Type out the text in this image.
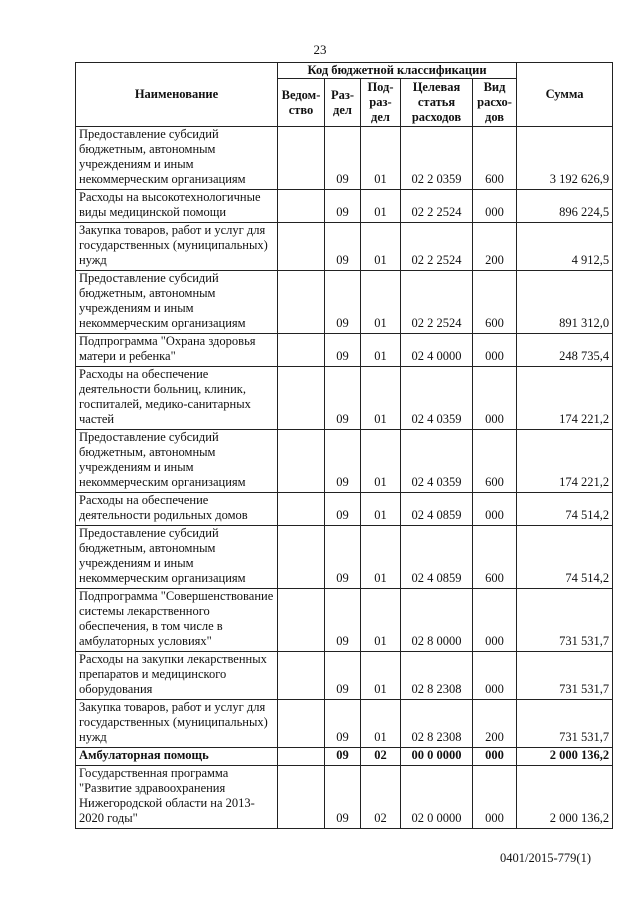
23
Наименование	Код бюджетной классификации					Сумма
	Ведом-ство	Раз-дел	Под-раз-дел	Целевая статья расходов	Вид расхо-дов	
Предоставление субсидий бюджетным, автономным учреждениям и иным некоммерческим организациям		09	01	02 2 0359	600	3 192 626,9
Расходы на высокотехнологичные виды медицинской помощи		09	01	02 2 2524	000	896 224,5
Закупка товаров, работ и услуг для государственных (муниципальных) нужд		09	01	02 2 2524	200	4 912,5
Предоставление субсидий бюджетным, автономным учреждениям и иным некоммерческим организациям		09	01	02 2 2524	600	891 312,0
Подпрограмма "Охрана здоровья матери и ребенка"		09	01	02 4 0000	000	248 735,4
Расходы на обеспечение деятельности больниц, клиник, госпиталей, медико-санитарных частей		09	01	02 4 0359	000	174 221,2
Предоставление субсидий бюджетным, автономным учреждениям и иным некоммерческим организациям		09	01	02 4 0359	600	174 221,2
Расходы на обеспечение деятельности родильных домов		09	01	02 4 0859	000	74 514,2
Предоставление субсидий бюджетным, автономным учреждениям и иным некоммерческим организациям		09	01	02 4 0859	600	74 514,2
Подпрограмма "Совершенствование системы лекарственного обеспечения, в том числе в амбулаторных условиях"		09	01	02 8 0000	000	731 531,7
Расходы на закупки лекарственных препаратов и медицинского оборудования		09	01	02 8 2308	000	731 531,7
Закупка товаров, работ и услуг для государственных (муниципальных) нужд		09	01	02 8 2308	200	731 531,7
Амбулаторная помощь		09	02	00 0 0000	000	2 000 136,2
Государственная программа "Развитие здравоохранения Нижегородской области на 2013-2020 годы"		09	02	02 0 0000	000	2 000 136,2
0401/2015-779(1)
